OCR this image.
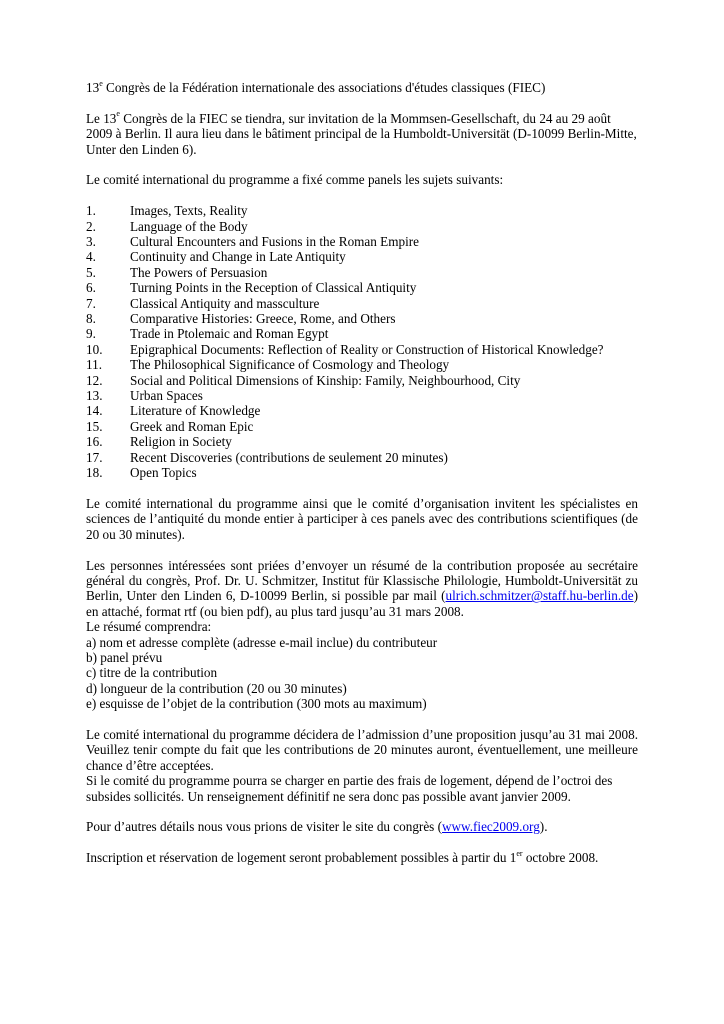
13e Congrès de la Fédération internationale des associations d'études classiques (FIEC)

Le 13e Congrès de la FIEC se tiendra, sur invitation de la Mommsen-Gesellschaft, du 24 au 29 août 2009 à Berlin. Il aura lieu dans le bâtiment principal de la Humboldt-Universität (D-10099 Berlin-Mitte, Unter den Linden 6).

Le comité international du programme a fixé comme panels les sujets suivants:

1.	Images, Texts, Reality
2.	Language of the Body
3.	Cultural Encounters and Fusions in the Roman Empire
4.	Continuity and Change in Late Antiquity
5.	The Powers of Persuasion
6.	Turning Points in the Reception of Classical Antiquity
7.	Classical Antiquity and massculture
8.	Comparative Histories: Greece, Rome, and Others
9.	Trade in Ptolemaic and Roman Egypt
10.	Epigraphical Documents: Reflection of Reality or Construction of Historical Knowledge?
11.	The Philosophical Significance of Cosmology and Theology
12.	Social and Political Dimensions of Kinship: Family, Neighbourhood, City
13.	Urban Spaces
14.	Literature of Knowledge
15.	Greek and Roman Epic
16.	Religion in Society
17.	Recent Discoveries (contributions de seulement 20 minutes)
18.	Open Topics

Le comité international du programme ainsi que le comité d’organisation invitent les spécialistes en sciences de l’antiquité du monde entier à participer à ces panels avec des contributions scientifiques (de 20 ou 30 minutes).

Les personnes intéressées sont priées d’envoyer un résumé de la contribution proposée au secrétaire général du congrès, Prof. Dr. U. Schmitzer, Institut für Klassische Philologie, Humboldt-Universität zu Berlin, Unter den Linden 6, D-10099 Berlin, si possible par mail (ulrich.schmitzer@staff.hu-berlin.de) en attaché, format rtf (ou bien pdf), au plus tard jusqu’au 31 mars 2008.

Le résumé comprendra:
a) nom et adresse complète (adresse e-mail inclue) du contributeur
b) panel prévu
c) titre de la contribution
d) longueur de la contribution (20 ou 30 minutes)
e) esquisse de l’objet de la contribution (300 mots au maximum)

Le comité international du programme décidera de l’admission d’une proposition jusqu’au 31 mai 2008. Veuillez tenir compte du fait que les contributions de 20 minutes auront, éventuellement, une meilleure chance d’être acceptées.

Si le comité du programme pourra se charger en partie des frais de logement, dépend de l’octroi des subsides sollicités. Un renseignement définitif ne sera donc pas possible avant janvier 2009.

Pour d’autres détails nous vous prions de visiter le site du congrès (www.fiec2009.org).

Inscription et réservation de logement seront probablement possibles à partir du 1er octobre 2008.
